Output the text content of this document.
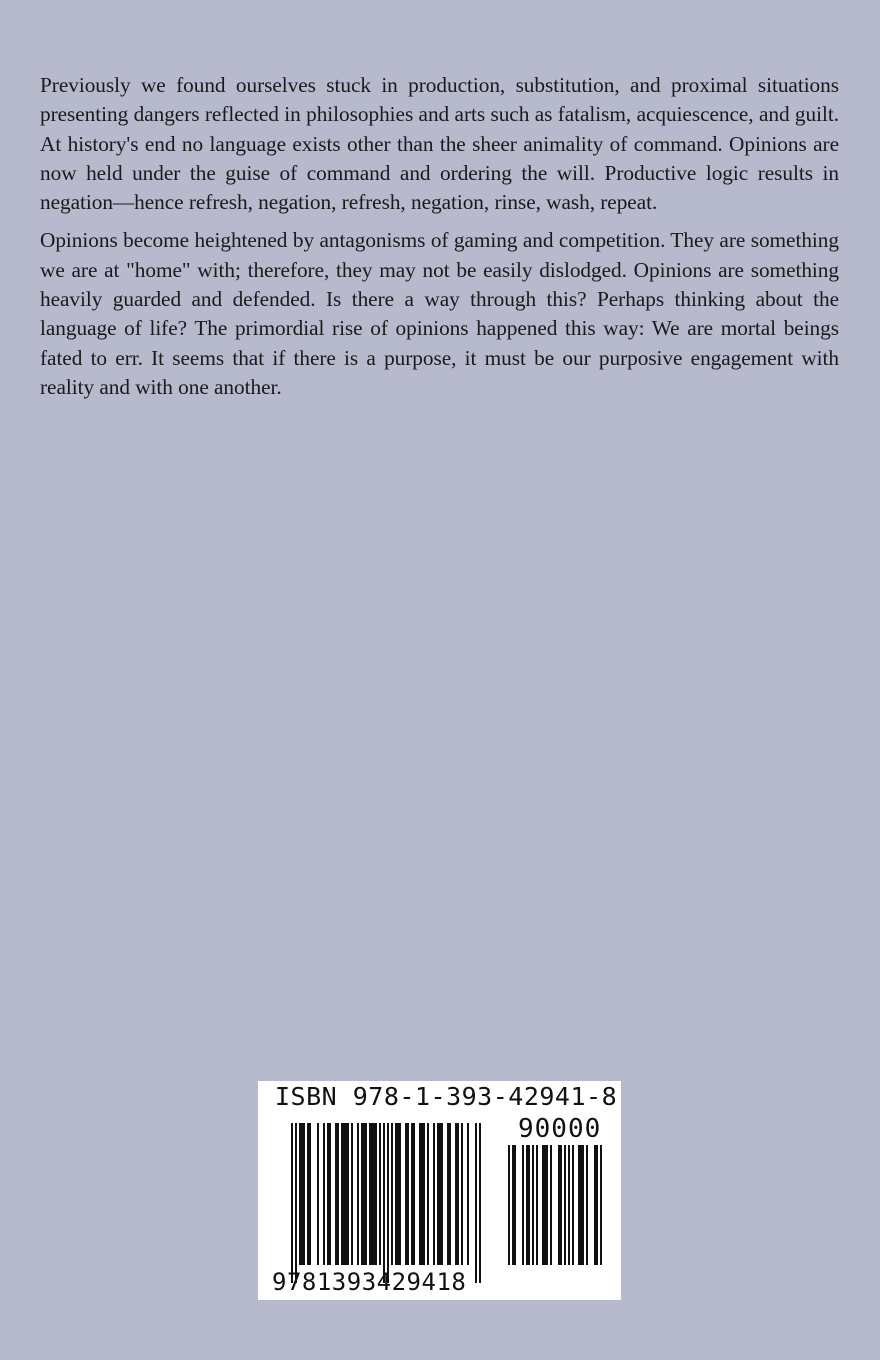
Previously we found ourselves stuck in production, substitution, and proximal situations presenting dangers reflected in philosophies and arts such as fatalism, acquiescence, and guilt. At history's end no language exists other than the sheer animality of command. Opinions are now held under the guise of command and ordering the will. Productive logic results in negation—hence refresh, negation, refresh, negation, rinse, wash, repeat.

Opinions become heightened by antagonisms of gaming and competition. They are something we are at "home" with; therefore, they may not be easily dislodged. Opinions are something heavily guarded and defended. Is there a way through this? Perhaps thinking about the language of life? The primordial rise of opinions happened this way: We are mortal beings fated to err. It seems that if there is a purpose, it must be our purposive engagement with reality and with one another.

ISBN 978-1-393-42941-8
90000
9781393429418
